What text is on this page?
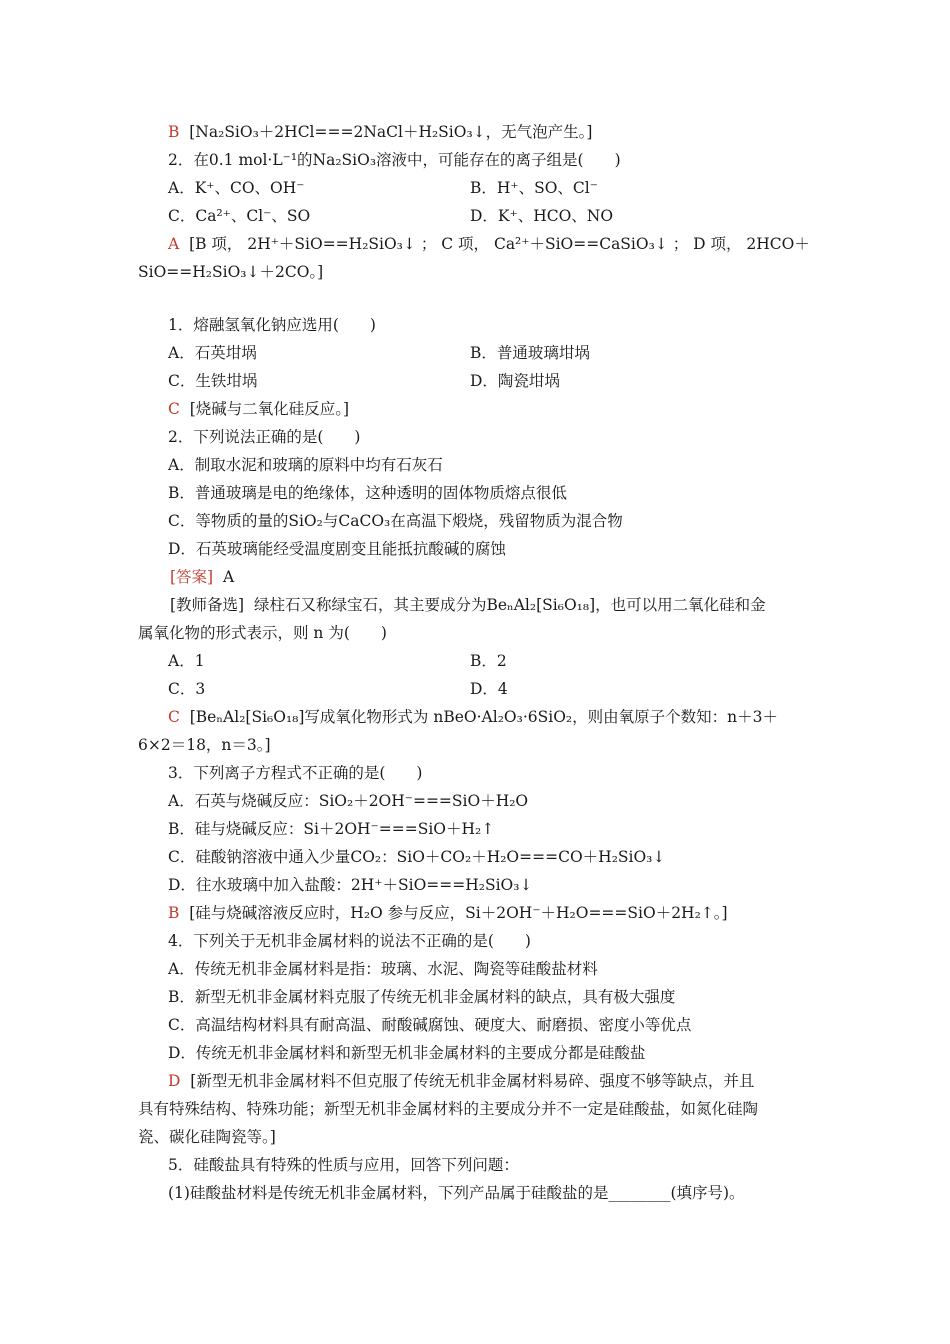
B [Na₂SiO₃＋2HCl===2NaCl＋H₂SiO₃↓，无气泡产生。]
2．在0.1 mol·L⁻¹的Na₂SiO₃溶液中，可能存在的离子组是(　　)
A．K⁺、CO、OH⁻	B．H⁺、SO、Cl⁻
C．Ca²⁺、Cl⁻、SO	D．K⁺、HCO、NO
A [B 项， 2H⁺＋SiO==H₂SiO₃↓ ； C 项， Ca²⁺＋SiO==CaSiO₃↓ ； D 项， 2HCO＋
SiO==H₂SiO₃↓＋2CO。]
1．熔融氢氧化钠应选用(　　)
A．石英坩埚	B．普通玻璃坩埚
C．生铁坩埚	D．陶瓷坩埚
C [烧碱与二氧化硅反应。]
2．下列说法正确的是(　　)
A．制取水泥和玻璃的原料中均有石灰石
B．普通玻璃是电的绝缘体，这种透明的固体物质熔点很低
C．等物质的量的SiO₂与CaCO₃在高温下煅烧，残留物质为混合物
D．石英玻璃能经受温度剧变且能抵抗酸碱的腐蚀
[答案] A
[教师备选] 绿柱石又称绿宝石，其主要成分为BeₙAl₂[Si₆O₁₈]，也可以用二氧化硅和金
属氧化物的形式表示，则 n 为(　　)
A．1	B．2
C．3	D．4
C [BeₙAl₂[Si₆O₁₈]写成氧化物形式为 nBeO·Al₂O₃·6SiO₂，则由氧原子个数知：n＋3＋
6×2＝18，n＝3。]
3．下列离子方程式不正确的是(　　)
A．石英与烧碱反应：SiO₂＋2OH⁻===SiO＋H₂O
B．硅与烧碱反应：Si＋2OH⁻===SiO＋H₂↑
C．硅酸钠溶液中通入少量CO₂：SiO＋CO₂＋H₂O===CO＋H₂SiO₃↓
D．往水玻璃中加入盐酸：2H⁺＋SiO===H₂SiO₃↓
B [硅与烧碱溶液反应时，H₂O 参与反应，Si＋2OH⁻＋H₂O===SiO＋2H₂↑。]
4．下列关于无机非金属材料的说法不正确的是(　　)
A．传统无机非金属材料是指：玻璃、水泥、陶瓷等硅酸盐材料
B．新型无机非金属材料克服了传统无机非金属材料的缺点，具有极大强度
C．高温结构材料具有耐高温、耐酸碱腐蚀、硬度大、耐磨损、密度小等优点
D．传统无机非金属材料和新型无机非金属材料的主要成分都是硅酸盐
D [新型无机非金属材料不但克服了传统无机非金属材料易碎、强度不够等缺点，并且
具有特殊结构、特殊功能；新型无机非金属材料的主要成分并不一定是硅酸盐，如氮化硅陶
瓷、碳化硅陶瓷等。]
5．硅酸盐具有特殊的性质与应用，回答下列问题：
(1)硅酸盐材料是传统无机非金属材料，下列产品属于硅酸盐的是________(填序号)。
